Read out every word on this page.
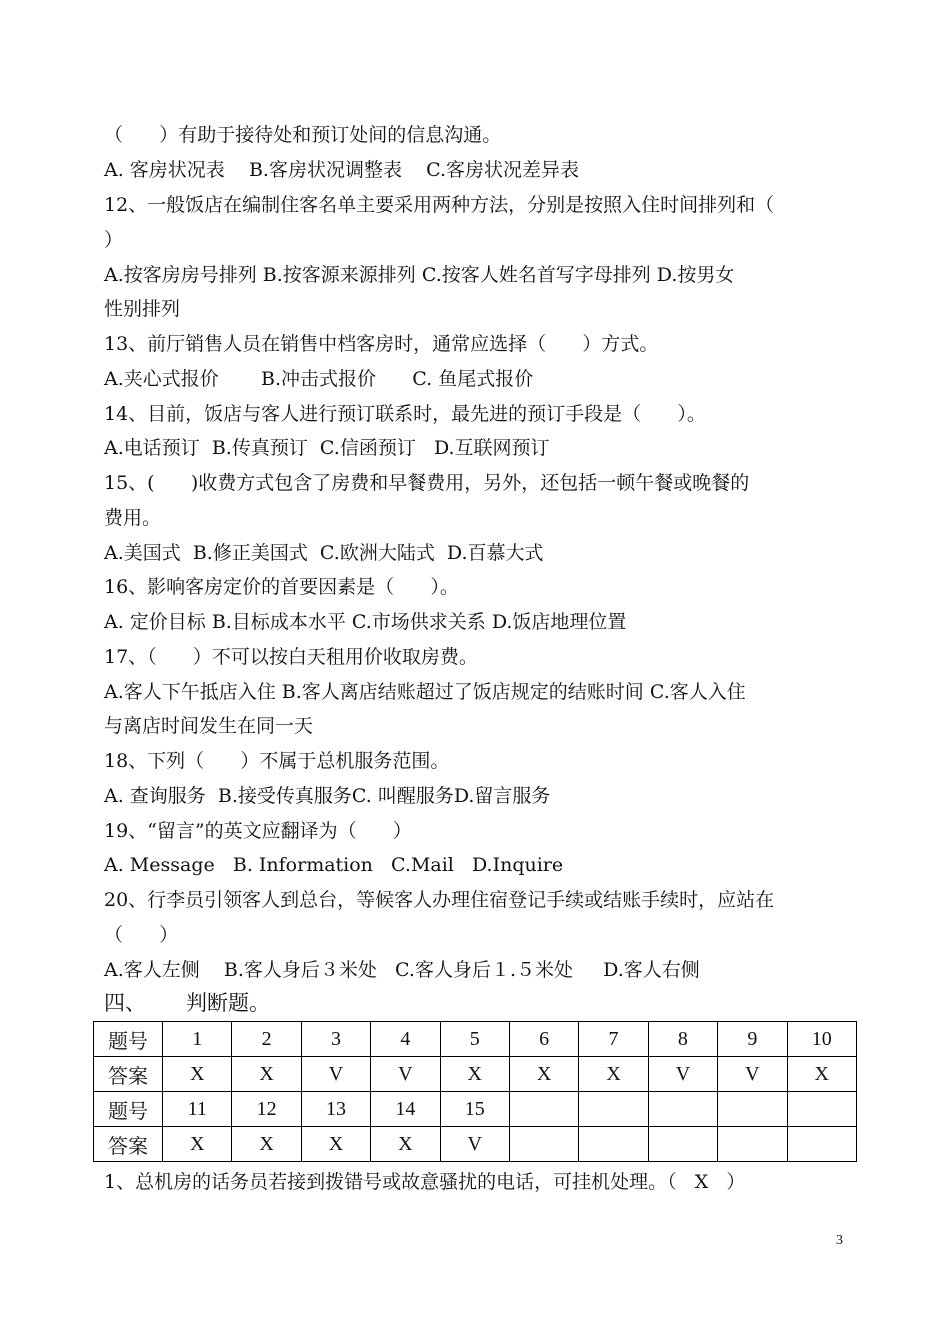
（      ）有助于接待处和预订处间的信息沟通。
A. 客房状况表    B.客房状况调整表    C.客房状况差异表
12、一般饭店在编制住客名单主要采用两种方法，分别是按照入住时间排列和（
）
A.按客房房号排列 B.按客源来源排列 C.按客人姓名首写字母排列 D.按男女
性别排列
13、前厅销售人员在销售中档客房时，通常应选择（      ）方式。
A.夹心式报价       B.冲击式报价      C. 鱼尾式报价
14、目前，饭店与客人进行预订联系时，最先进的预订手段是（      ）。
A.电话预订  B.传真预订  C.信函预订   D.互联网预订
15、(      )收费方式包含了房费和早餐费用，另外，还包括一顿午餐或晚餐的
费用。
A.美国式  B.修正美国式  C.欧洲大陆式  D.百慕大式
16、影响客房定价的首要因素是（      ）。
A. 定价目标 B.目标成本水平 C.市场供求关系 D.饭店地理位置
17、（      ）不可以按白天租用价收取房费。
A.客人下午抵店入住 B.客人离店结账超过了饭店规定的结账时间 C.客人入住
与离店时间发生在同一天
18、下列（      ）不属于总机服务范围。
A. 查询服务  B.接受传真服务C. 叫醒服务D.留言服务
19、“留言”的英文应翻译为（      ）
A. Message   B. Information   C.Mail   D.Inquire
20、行李员引领客人到总台，等候客人办理住宿登记手续或结账手续时，应站在
（      ）
A.客人左侧    B.客人身后３米处   C.客人身后１.５米处     D.客人右侧
四、      判断题。
题号	1	2	3	4	5	6	7	8	9	10
答案	X	X	V	V	X	X	X	V	V	X
题号	11	12	13	14	15					
答案	X	X	X	X	V					
1、总机房的话务员若接到拨错号或故意骚扰的电话，可挂机处理。（   X   ）
3
